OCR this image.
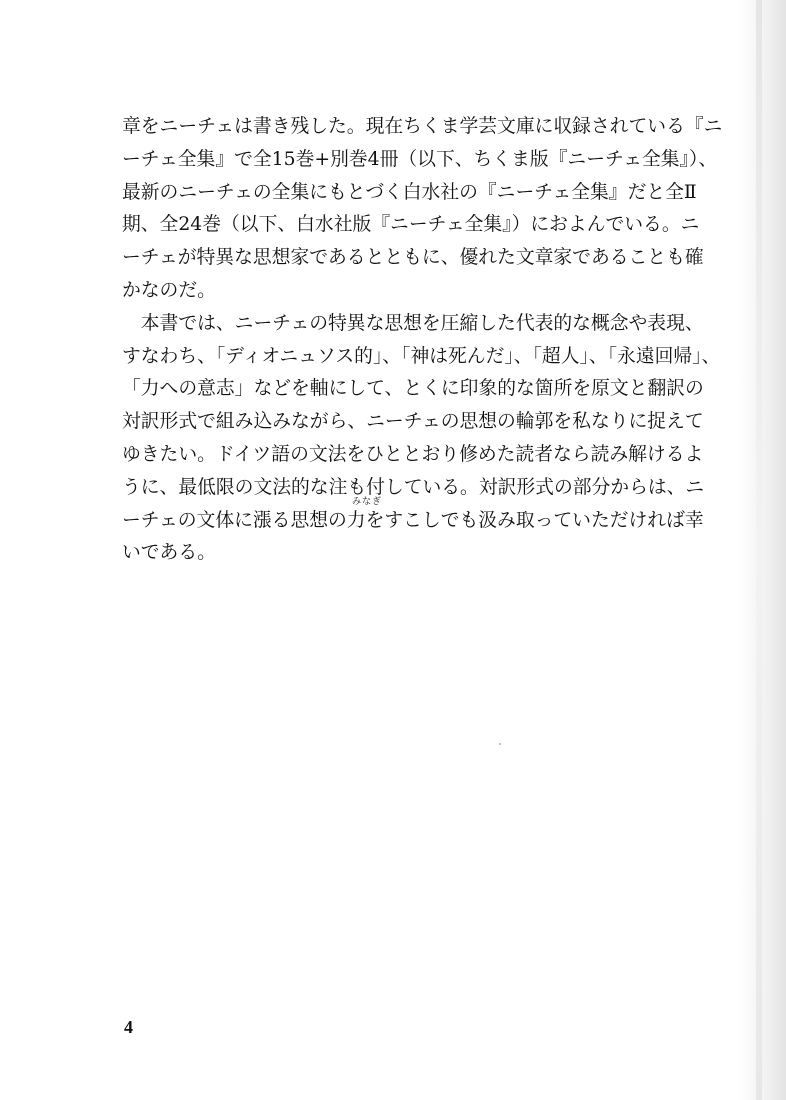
章をニーチェは書き残した。現在ちくま学芸文庫に収録されている『ニ
ーチェ全集』で全15巻+別巻4冊（以下、ちくま版『ニーチェ全集』）、
最新のニーチェの全集にもとづく白水社の『ニーチェ全集』だと全Ⅱ
期、全24巻（以下、白水社版『ニーチェ全集』）におよんでいる。ニ
ーチェが特異な思想家であるとともに、優れた文章家であることも確
かなのだ。
　本書では、ニーチェの特異な思想を圧縮した代表的な概念や表現、
すなわち、「ディオニュソス的」、「神は死んだ」、「超人」、「永遠回帰」、
「力への意志」などを軸にして、とくに印象的な箇所を原文と翻訳の
対訳形式で組み込みながら、ニーチェの思想の輪郭を私なりに捉えて
ゆきたい。ドイツ語の文法をひととおり修めた読者なら読み解けるよ
うに、最低限の文法的な注も付している。対訳形式の部分からは、ニ
みなぎ
ーチェの文体に漲る思想の力をすこしでも汲み取っていただければ幸
いである。
4
